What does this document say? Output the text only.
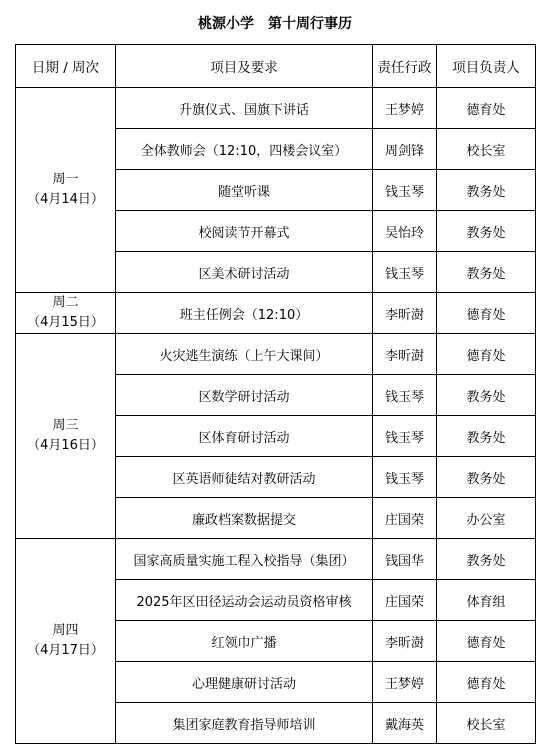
桃源小学　第十周行事历
日期 / 周次	项目及要求	责任行政	项目负责人

周一
（4月14日）	升旗仪式、国旗下讲话	王梦婷	德育处
	全体教师会（12:10，四楼会议室）	周剑锋	校长室
	随堂听课	钱玉琴	教务处
	校阅读节开幕式	吴怡玲	教务处
	区美术研讨活动	钱玉琴	教务处

周二
（4月15日）	班主任例会（12:10）	李昕澍	德育处

周三
（4月16日）	火灾逃生演练（上午大课间）	李昕澍	德育处
	区数学研讨活动	钱玉琴	教务处
	区体育研讨活动	钱玉琴	教务处
	区英语师徒结对教研活动	钱玉琴	教务处
	廉政档案数据提交	庄国荣	办公室

周四
（4月17日）	国家高质量实施工程入校指导（集团）	钱国华	教务处
	2025年区田径运动会运动员资格审核	庄国荣	体育组
	红领巾广播	李昕澍	德育处
	心理健康研讨活动	王梦婷	德育处
	集团家庭教育指导师培训	戴海英	校长室
